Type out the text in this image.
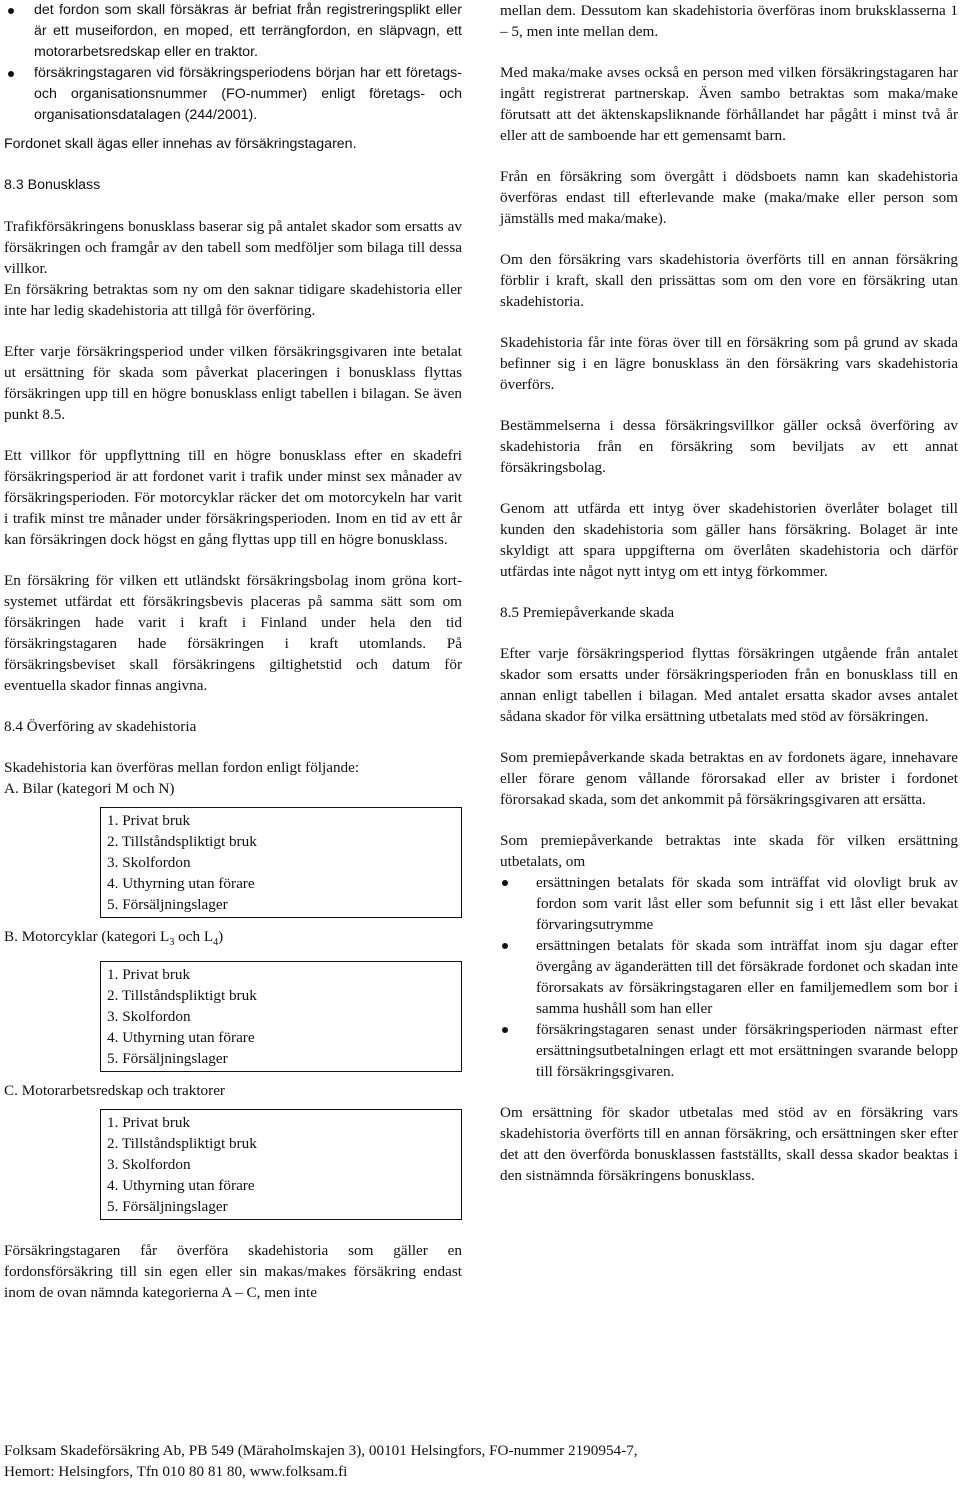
det fordon som skall försäkras är befriat från registreringsplikt eller är ett museifordon, en moped, ett terrängfordon, en släpvagn, ett motorarbetsredskap eller en traktor.
försäkringstagaren vid försäkringsperiodens början har ett företags- och organisationsnummer (FO-nummer) enligt företags- och organisationsdatalagen (244/2001).

Fordonet skall ägas eller innehas av försäkringstagaren.

8.3 Bonusklass

Trafikförsäkringens bonusklass baserar sig på antalet skador som ersatts av försäkringen och framgår av den tabell som medföljer som bilaga till dessa villkor.

En försäkring betraktas som ny om den saknar tidigare skadehistoria eller inte har ledig skadehistoria att tillgå för överföring.

Efter varje försäkringsperiod under vilken försäkringsgivaren inte betalat ut ersättning för skada som påverkat placeringen i bonusklass flyttas försäkringen upp till en högre bonusklass enligt tabellen i bilagan. Se även punkt 8.5.

Ett villkor för uppflyttning till en högre bonusklass efter en skadefri försäkringsperiod är att fordonet varit i trafik under minst sex månader av försäkringsperioden. För motorcyklar räcker det om motorcykeln har varit i trafik minst tre månader under försäkringsperioden. Inom en tid av ett år kan försäkringen dock högst en gång flyttas upp till en högre bonusklass.

En försäkring för vilken ett utländskt försäkringsbolag inom gröna kort-systemet utfärdat ett försäkringsbevis placeras på samma sätt som om försäkringen hade varit i kraft i Finland under hela den tid försäkringstagaren hade försäkringen i kraft utomlands. På försäkringsbeviset skall försäkringens giltighetstid och datum för eventuella skador finnas angivna.

8.4 Överföring av skadehistoria

Skadehistoria kan överföras mellan fordon enligt följande:

A. Bilar (kategori M och N)

1. Privat bruk

2. Tillståndspliktigt bruk

3. Skolfordon

4. Uthyrning utan förare

5. Försäljningslager

B. Motorcyklar (kategori $L_3$ och $L_4$)

1. Privat bruk

2. Tillståndspliktigt bruk

3. Skolfordon

4. Uthyrning utan förare

5. Försäljningslager

C. Motorarbetsredskap och traktorer

1. Privat bruk

2. Tillståndspliktigt bruk

3. Skolfordon

4. Uthyrning utan förare

5. Försäljningslager

Försäkringstagaren får överföra skadehistoria som gäller en fordonsförsäkring till sin egen eller sin makas/makes försäkring endast inom de ovan nämnda kategorierna A – C, men inte

mellan dem. Dessutom kan skadehistoria överföras inom bruksklasserna 1 – 5, men inte mellan dem.

Med maka/make avses också en person med vilken försäkringstagaren har ingått registrerat partnerskap. Även sambo betraktas som maka/make förutsatt att det äktenskapsliknande förhållandet har pågått i minst två år eller att de samboende har ett gemensamt barn.

Från en försäkring som övergått i dödsboets namn kan skadehistoria överföras endast till efterlevande make (maka/make eller person som jämställs med maka/make).

Om den försäkring vars skadehistoria överförts till en annan försäkring förblir i kraft, skall den prissättas som om den vore en försäkring utan skadehistoria.

Skadehistoria får inte föras över till en försäkring som på grund av skada befinner sig i en lägre bonusklass än den försäkring vars skadehistoria överförs.

Bestämmelserna i dessa försäkringsvillkor gäller också överföring av skadehistoria från en försäkring som beviljats av ett annat försäkringsbolag.

Genom att utfärda ett intyg över skadehistorien överlåter bolaget till kunden den skadehistoria som gäller hans försäkring. Bolaget är inte skyldigt att spara uppgifterna om överlåten skadehistoria och därför utfärdas inte något nytt intyg om ett intyg förkommer.

8.5 Premiepåverkande skada

Efter varje försäkringsperiod flyttas försäkringen utgående från antalet skador som ersatts under försäkringsperioden från en bonusklass till en annan enligt tabellen i bilagan. Med antalet ersatta skador avses antalet sådana skador för vilka ersättning utbetalats med stöd av försäkringen.

Som premiepåverkande skada betraktas en av fordonets ägare, innehavare eller förare genom vållande förorsakad eller av brister i fordonet förorsakad skada, som det ankommit på försäkringsgivaren att ersätta.

Som premiepåverkande betraktas inte skada för vilken ersättning utbetalats, om

ersättningen betalats för skada som inträffat vid olovligt bruk av fordon som varit låst eller som befunnit sig i ett låst eller bevakat förvaringsutrymme
ersättningen betalats för skada som inträffat inom sju dagar efter övergång av äganderätten till det försäkrade fordonet och skadan inte förorsakats av försäkringstagaren eller en familjemedlem som bor i samma hushåll som han eller
försäkringstagaren senast under försäkringsperioden närmast efter ersättningsutbetalningen erlagt ett mot ersättningen svarande belopp till försäkringsgivaren.

Om ersättning för skador utbetalas med stöd av en försäkring vars skadehistoria överförts till en annan försäkring, och ersättningen sker efter det att den överförda bonusklassen fastställts, skall dessa skador beaktas i den sistnämnda försäkringens bonusklass.

Folksam Skadeförsäkring Ab, PB 549 (Märaholmskajen 3), 00101 Helsingfors, FO-nummer 2190954-7,

Hemort: Helsingfors, Tfn 010 80 81 80, www.folksam.fi
